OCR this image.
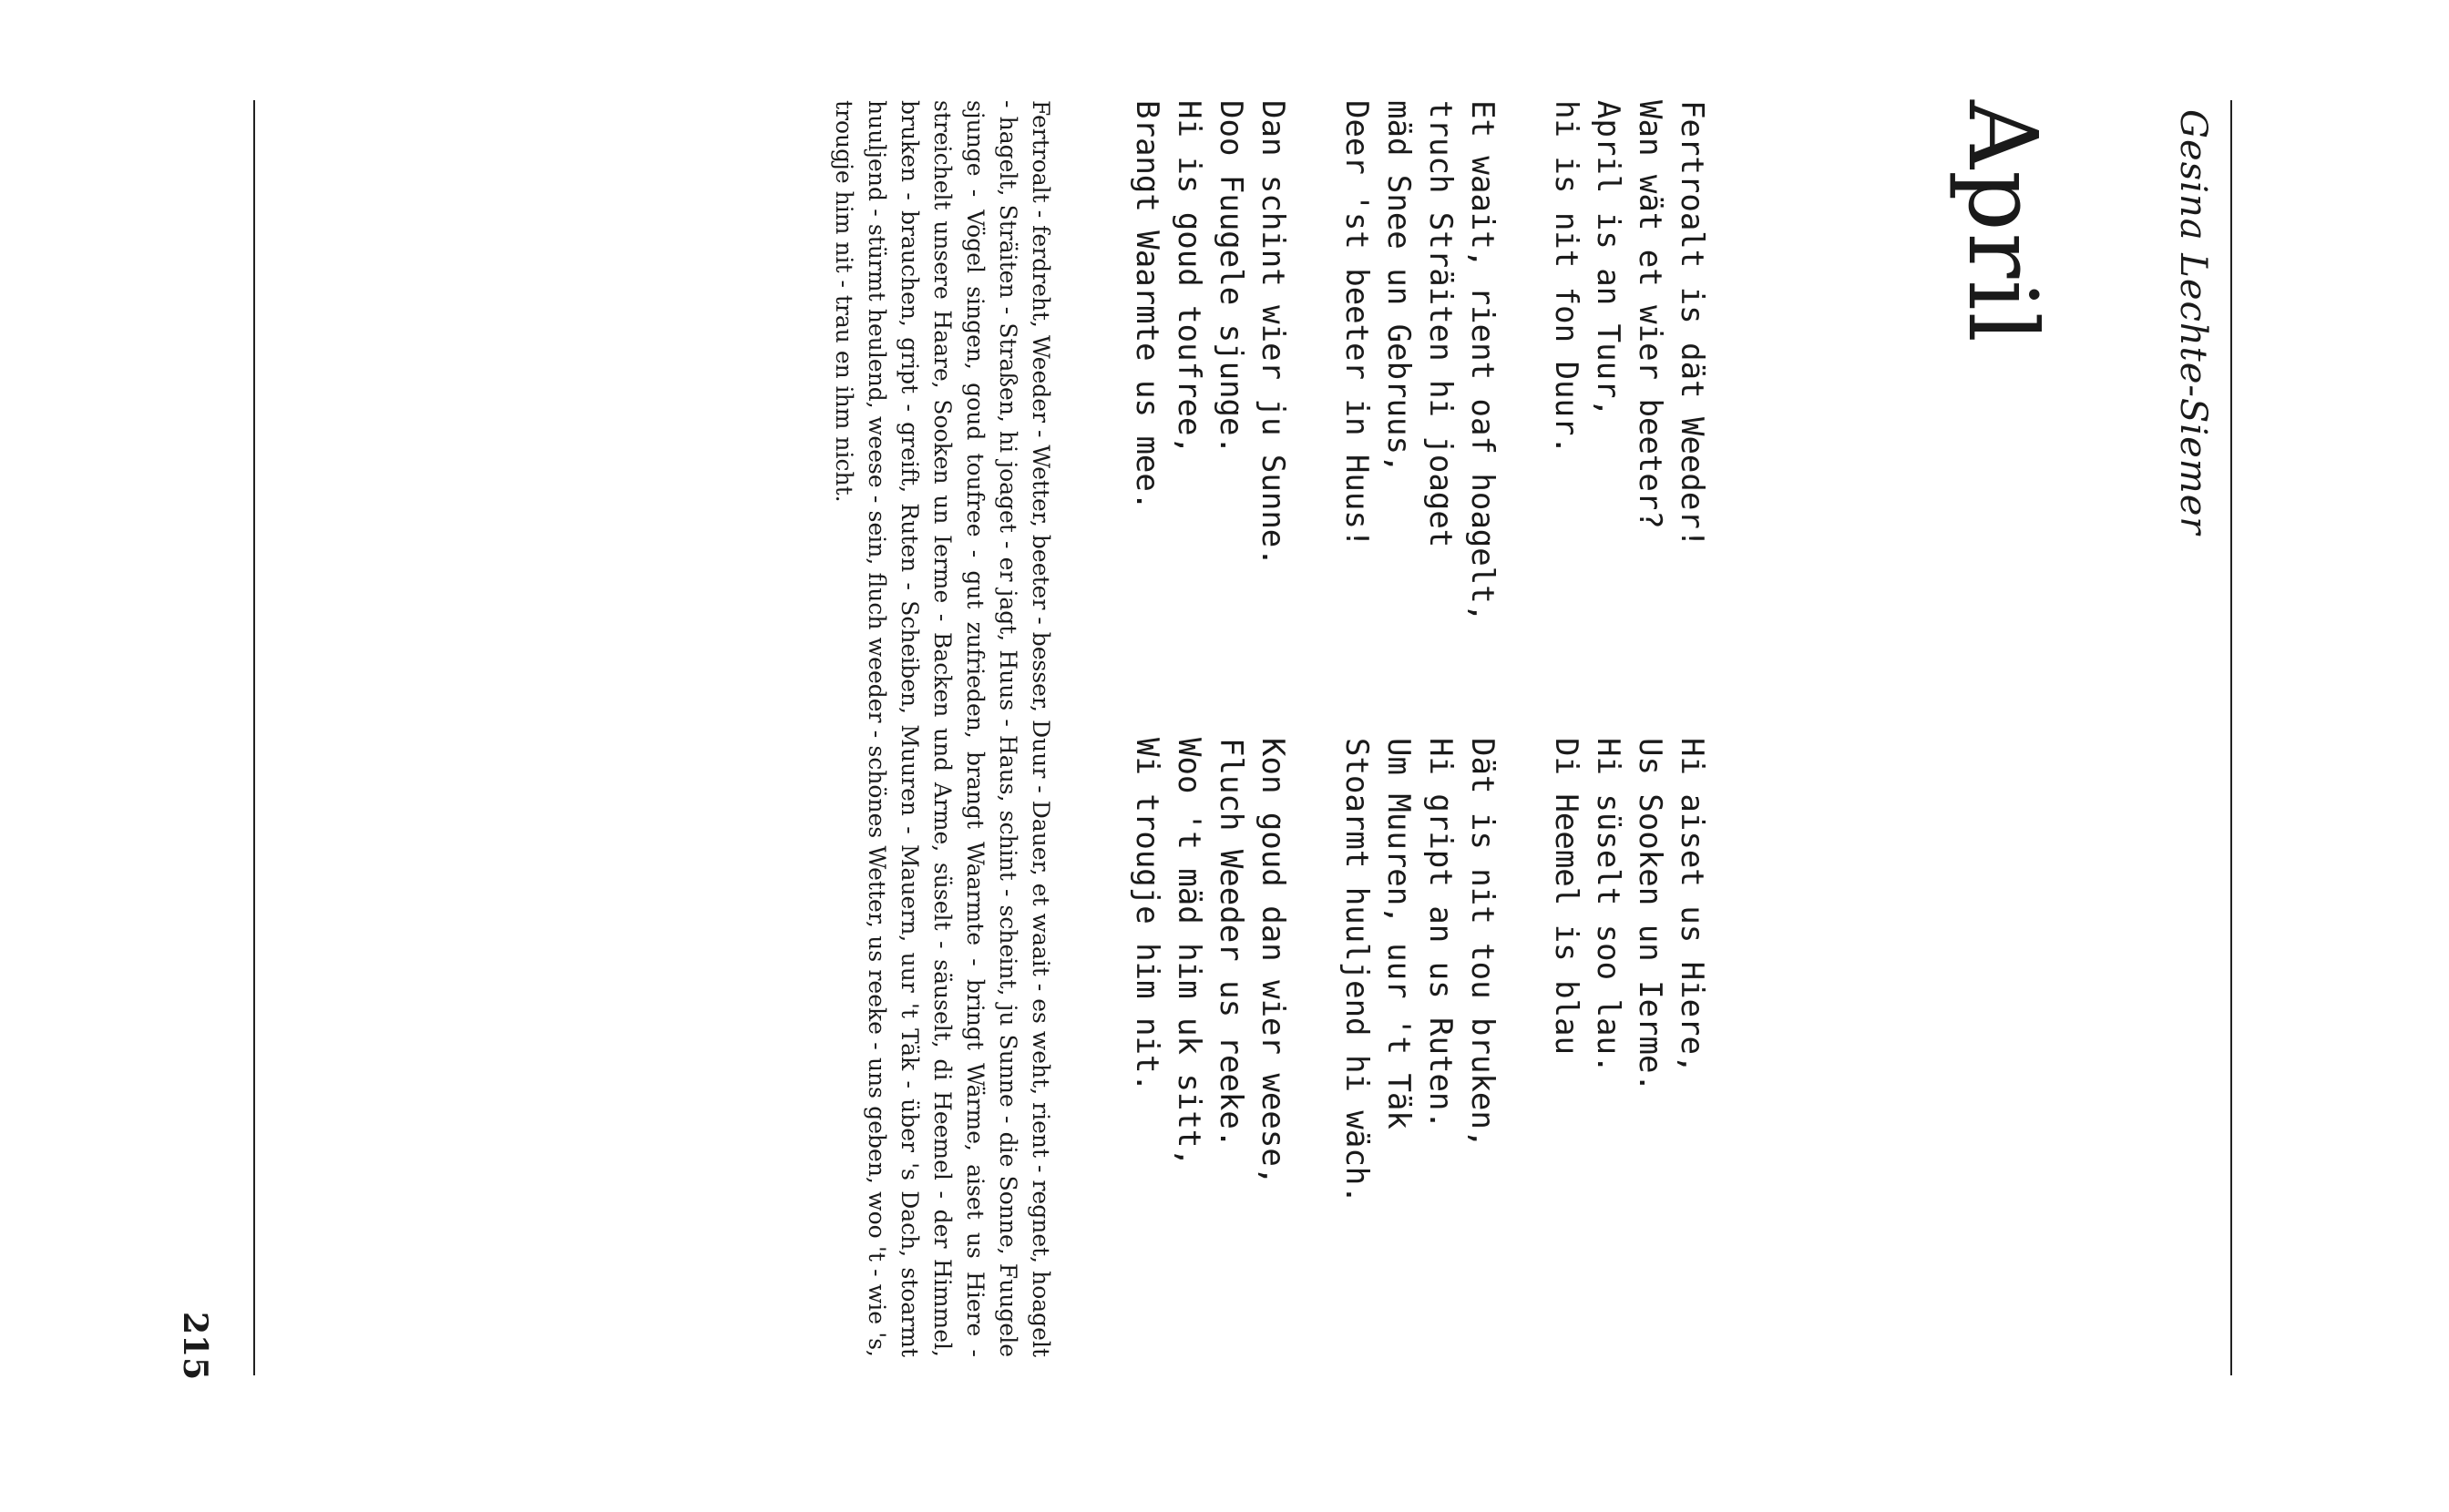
Gesina Lechte-Siemer
April
Fertroalt is dät Weeder!
Wan wät et wier beeter?
April is an Tuur,
hi is nit fon Duur.
Et waait, rient oaf hoagelt,
truch Sträiten hi joaget
mäd Snee un Gebruus,
Deer 'st beeter in Huus!
Dan schint wier ju Sunne.
Doo Fuugele sjunge.
Hi is goud toufree,
Brangt Waarmte us mee.
Hi aiset us Hiere,
Us Sooken un Ierme.
Hi süselt soo lau.
Di Heemel is blau
Dät is nit tou bruken,
Hi gript an us Ruten.
Um Muuren, uur 't Täk
Stoarmt huuljend hi wäch.
Kon goud dan wier weese,
Fluch Weeder us reeke.
Woo 't mäd him uk sitt,
Wi trougje him nit.
Fertroalt - ferdreht, Weeder - Wetter, beeter - besser, Duur - Dauer, et waait - es weht, rient - regnet, hoagelt - hagelt, Sträiten - Straßen, hi joaget - er jagt, Huus - Haus, schint - scheint, ju Sunne - die Sonne, Fuugele sjunge - Vögel singen, goud toufree - gut zufrieden, brangt Waarmte - bringt Wärme, aiset us Hiere - streichelt unsere Haare, Sooken un Ierme - Backen und Arme, süselt - säuselt, di Heemel - der Himmel, bruken - brauchen, gript - greift, Ruten - Scheiben, Muuren - Mauern, uur 't Täk - über 's Dach, stoarmt huuljend - stürmt heulend, weese - sein, fluch weeder - schönes Wetter, us reeke - uns geben, woo 't - wie 's, trougje him nit - trau en ihm nicht.
215
